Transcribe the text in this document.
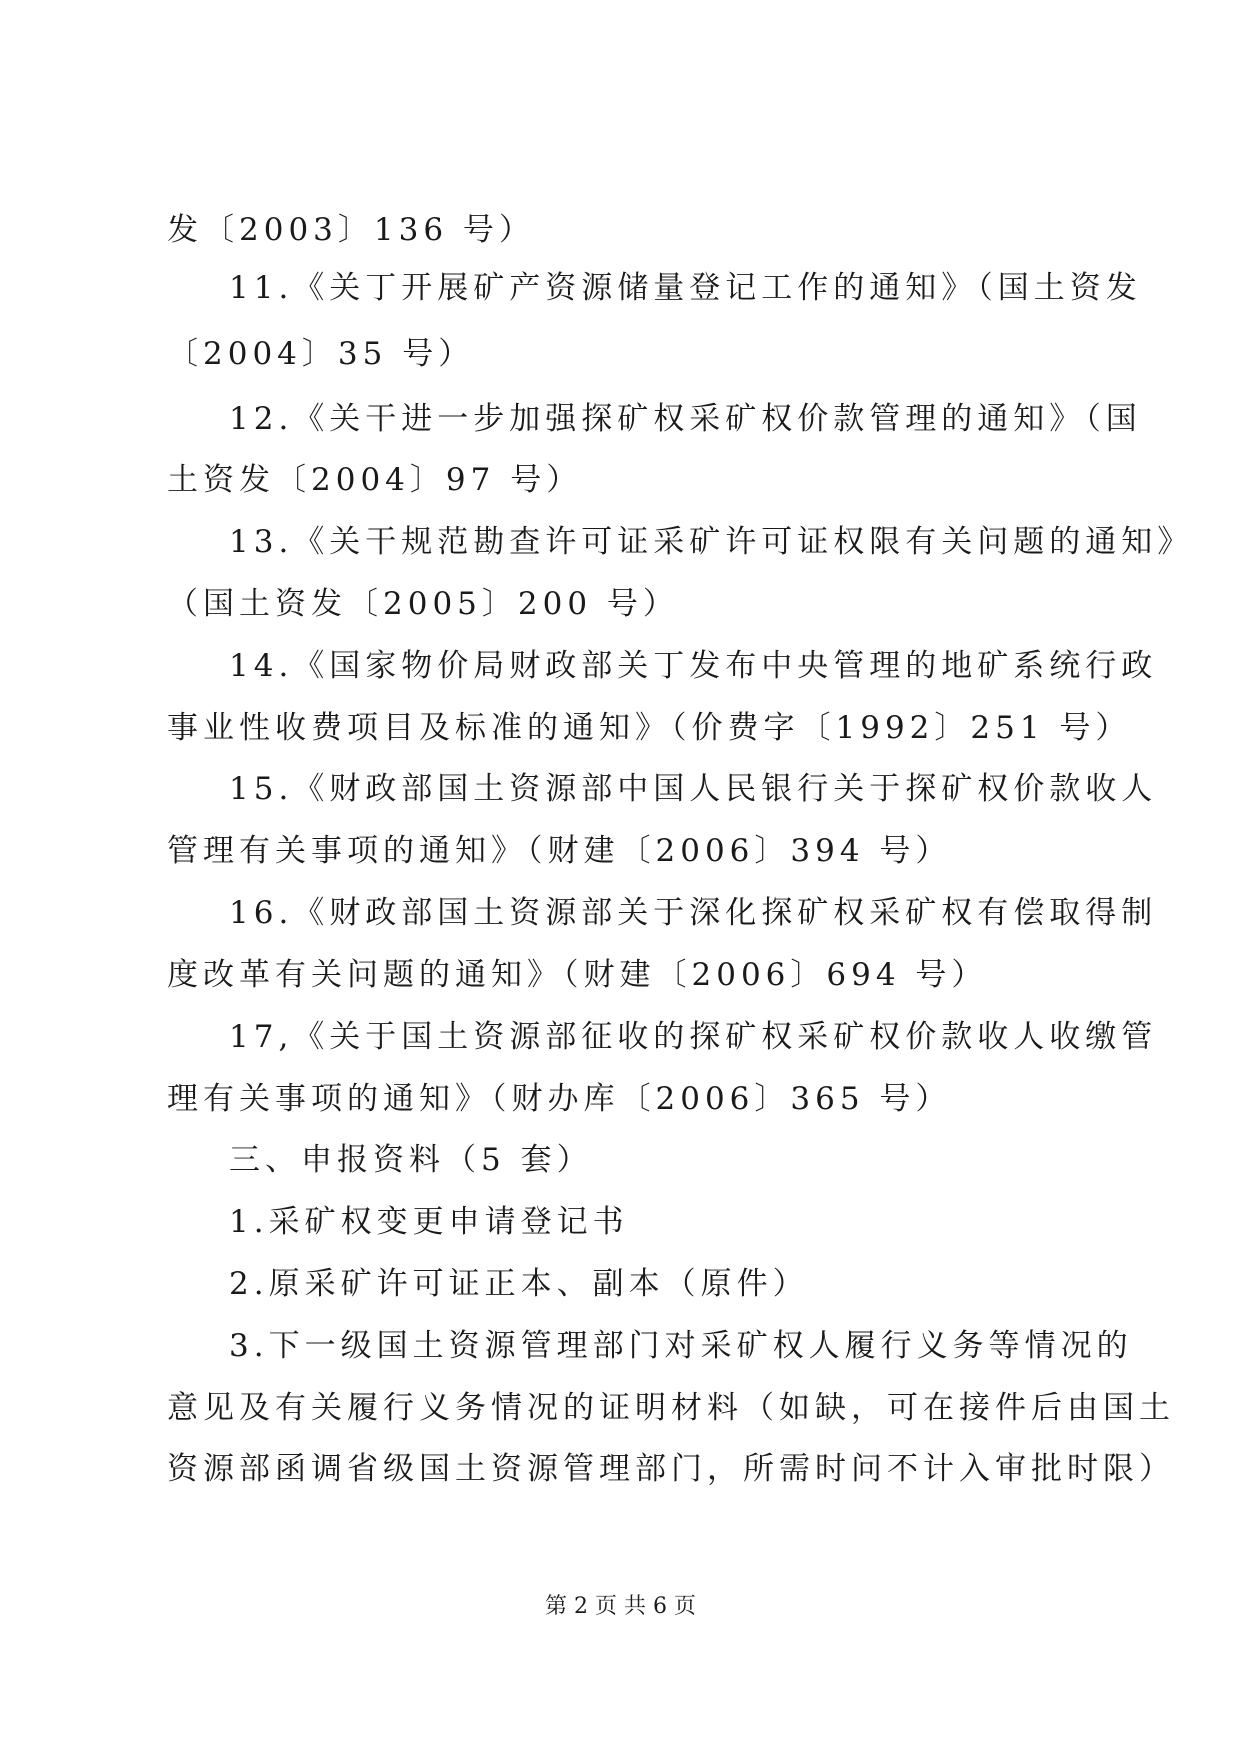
发〔2003〕136 号）
11.《关丁开展矿产资源储量登记工作的通知》（国土资发
〔2004〕35 号）
12.《关干进一步加强探矿权采矿权价款管理的通知》（国
土资发〔2004〕97 号）
13.《关干规范勘查许可证采矿许可证权限有关问题的通知》
（国土资发〔2005〕200 号）
14.《国家物价局财政部关丁发布中央管理的地矿系统行政
事业性收费项目及标准的通知》（价费字〔1992〕251 号）
15.《财政部国土资源部中国人民银行关于探矿权价款收人
管理有关事项的通知》（财建〔2006〕394 号）
16.《财政部国土资源部关于深化探矿权采矿权有偿取得制
度改革有关问题的通知》（财建〔2006〕694 号）
17,《关于国土资源部征收的探矿权采矿权价款收人收缴管
理有关事项的通知》（财办库〔2006〕365 号）
三、申报资料（5 套）
1.采矿权变更申请登记书
2.原采矿许可证正本、副本（原件）
3.下一级国土资源管理部门对采矿权人履行义务等情况的
意见及有关履行义务情况的证明材料（如缺，可在接件后由国土
资源部函调省级国土资源管理部门，所需时问不计入审批时限）
第 2 页 共 6 页
